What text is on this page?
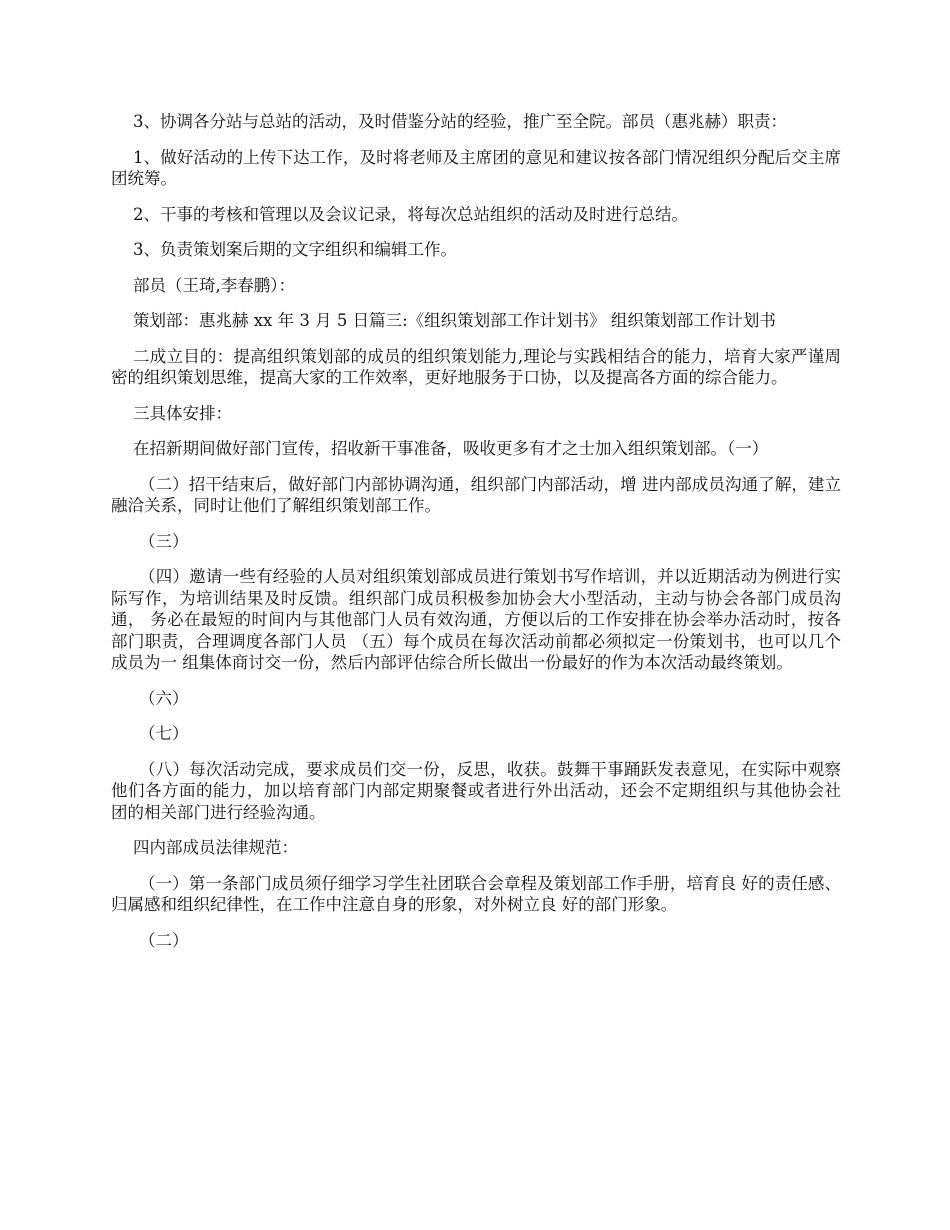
3、协调各分站与总站的活动，及时借鉴分站的经验，推广至全院。部员（惠兆赫）职责：

1、做好活动的上传下达工作，及时将老师及主席团的意见和建议按各部门情况组织分配后交主席团统筹。

2、干事的考核和管理以及会议记录，将每次总站组织的活动及时进行总结。

3、负责策划案后期的文字组织和编辑工作。

部员（王琦,李春鹏）：

策划部：惠兆赫 xx 年 3 月 5 日篇三:《组织策划部工作计划书》 组织策划部工作计划书

二成立目的：提高组织策划部的成员的组织策划能力,理论与实践相结合的能力，培育大家严谨周密的组织策划思维，提高大家的工作效率，更好地服务于口协，以及提高各方面的综合能力。

三具体安排：

在招新期间做好部门宣传，招收新干事准备，吸收更多有才之士加入组织策划部。（一）

（二）招干结束后，做好部门内部协调沟通，组织部门内部活动，增 进内部成员沟通了解，建立融洽关系，同时让他们了解组织策划部工作。

（三）

（四）邀请一些有经验的人员对组织策划部成员进行策划书写作培训，并以近期活动为例进行实际写作，为培训结果及时反馈。组织部门成员积极参加协会大小型活动，主动与协会各部门成员沟通， 务必在最短的时间内与其他部门人员有效沟通，方便以后的工作安排在协会举办活动时，按各部门职责，合理调度各部门人员 （五）每个成员在每次活动前都必须拟定一份策划书，也可以几个成员为一 组集体商讨交一份，然后内部评估综合所长做出一份最好的作为本次活动最终策划。

（六）

（七）

（八）每次活动完成，要求成员们交一份，反思，收获。鼓舞干事踊跃发表意见，在实际中观察他们各方面的能力，加以培育部门内部定期聚餐或者进行外出活动，还会不定期组织与其他协会社 团的相关部门进行经验沟通。

四内部成员法律规范：

（一）第一条部门成员须仔细学习学生社团联合会章程及策划部工作手册，培育良 好的责任感、归属感和组织纪律性，在工作中注意自身的形象，对外树立良 好的部门形象。

（二）
